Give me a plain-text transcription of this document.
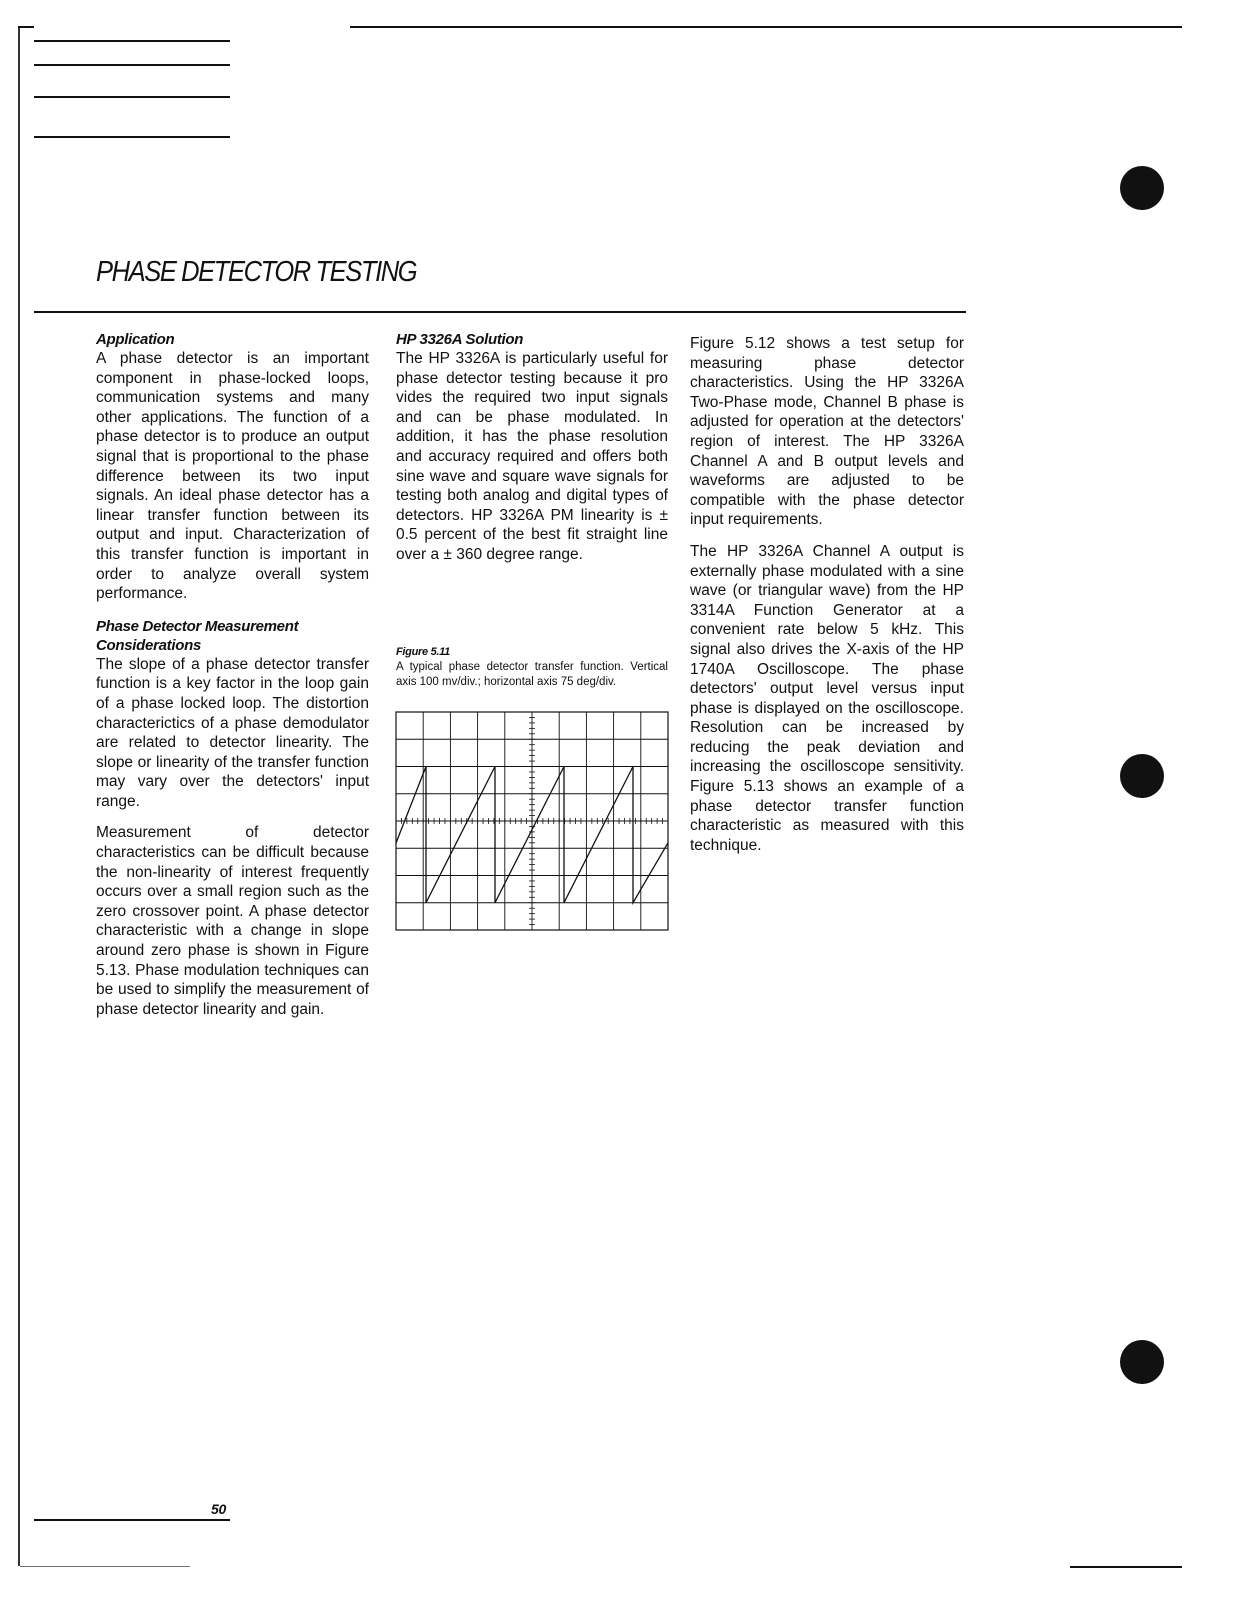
PHASE DETECTOR TESTING
Application

A phase detector is an important component in phase-locked loops, communication systems and many other applications. The function of a phase detector is to produce an output signal that is proportional to the phase difference between its two input signals. An ideal phase detector has a linear transfer function between its output and input. Characterization of this transfer function is important in order to analyze overall system performance.

Phase Detector Measurement
Considerations

The slope of a phase detector transfer function is a key factor in the loop gain of a phase locked loop. The distortion characterictics of a phase demodulator are related to detector linearity. The slope or linearity of the transfer function may vary over the detectors' input range.

Measurement of detector characteristics can be difficult because the non-linearity of interest frequently occurs over a small region such as the zero crossover point. A phase detector characteristic with a change in slope around zero phase is shown in Figure 5.13. Phase modulation techniques can be used to simplify the measurement of phase detector linearity and gain.

HP 3326A Solution

The HP 3326A is particularly useful for phase detector testing because it pro vides the required two input signals and can be phase modulated. In addition, it has the phase resolution and accuracy required and offers both sine wave and square wave signals for testing both analog and digital types of detectors. HP 3326A PM linearity is ± 0.5 percent of the best fit straight line over a ± 360 degree range.

Figure 5.11
A typical phase detector transfer function. Vertical axis 100 mv/div.; horizontal axis 75 deg/div.

Figure 5.12 shows a test setup for measuring phase detector characteristics. Using the HP 3326A Two-Phase mode, Channel B phase is adjusted for operation at the detectors' region of interest. The HP 3326A Channel A and B output levels and waveforms are adjusted to be compatible with the phase detector input requirements.

The HP 3326A Channel A output is externally phase modulated with a sine wave (or triangular wave) from the HP 3314A Function Generator at a convenient rate below 5 kHz. This signal also drives the X-axis of the HP 1740A Oscilloscope. The phase detectors' output level versus input phase is displayed on the oscilloscope. Resolution can be increased by reducing the peak deviation and increasing the oscilloscope sensitivity. Figure 5.13 shows an example of a phase detector transfer function characteristic as measured with this technique.

50
